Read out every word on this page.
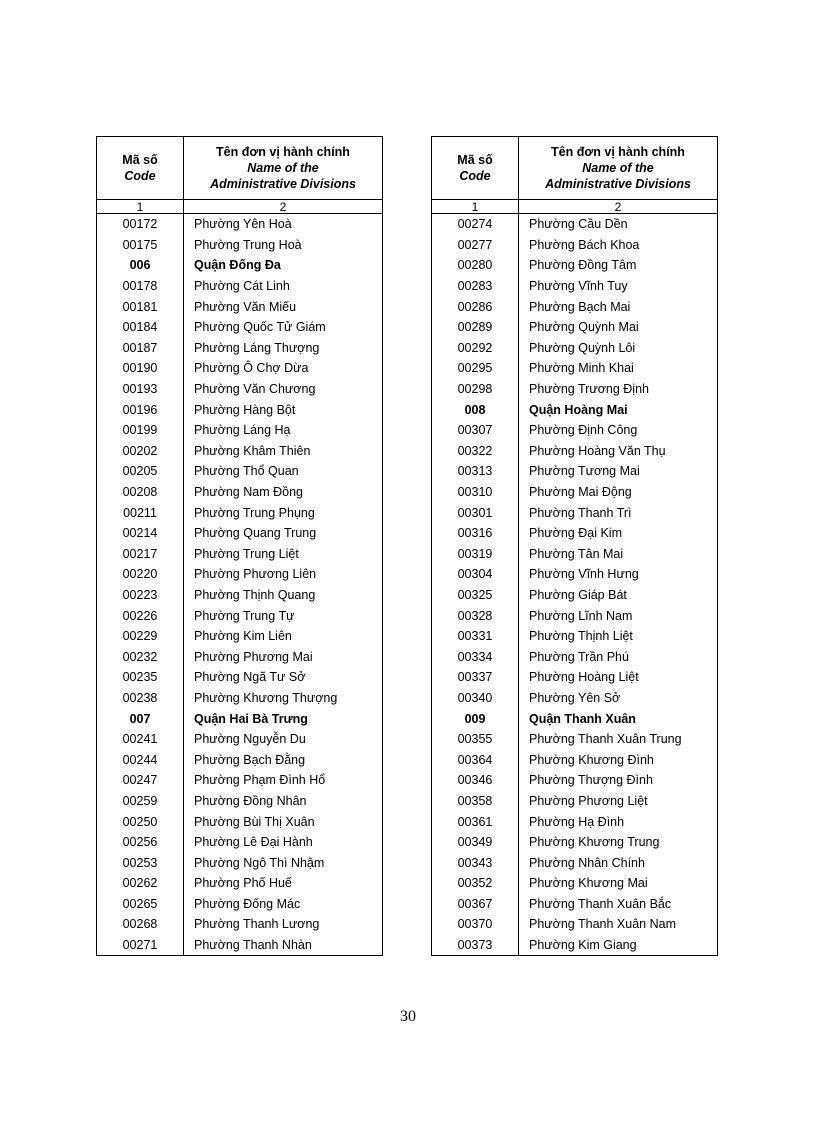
Mã số
Code	Tên đơn vị hành chính
Name of the
Administrative Divisions

1	2
00172	Phường Yên Hoà
00175	Phường Trung Hoà
006	Quận Đống Đa
00178	Phường Cát Linh
00181	Phường Văn Miếu
00184	Phường Quốc Tử Giám
00187	Phường Láng Thượng
00190	Phường Ô Chợ Dừa
00193	Phường Văn Chương
00196	Phường Hàng Bột
00199	Phường Láng Hạ
00202	Phường Khâm Thiên
00205	Phường Thổ Quan
00208	Phường Nam Đồng
00211	Phường Trung Phụng
00214	Phường Quang Trung
00217	Phường Trung Liệt
00220	Phường Phương Liên
00223	Phường Thịnh Quang
00226	Phường Trung Tự
00229	Phường Kim Liên
00232	Phường Phương Mai
00235	Phường Ngã Tư Sở
00238	Phường Khương Thượng
007	Quận Hai Bà Trưng
00241	Phường Nguyễn Du
00244	Phường Bạch Đằng
00247	Phường Phạm Đình Hổ
00259	Phường Đồng Nhân
00250	Phường Bùi Thị Xuân
00256	Phường Lê Đại Hành
00253	Phường Ngô Thì Nhậm
00262	Phường Phố Huế
00265	Phường Đống Mác
00268	Phường Thanh Lương
00271	Phường Thanh Nhàn
Mã số
Code	Tên đơn vị hành chính
Name of the
Administrative Divisions

1	2
00274	Phường Cầu Dền
00277	Phường Bách Khoa
00280	Phường Đồng Tâm
00283	Phường Vĩnh Tuy
00286	Phường Bạch Mai
00289	Phường Quỳnh Mai
00292	Phường Quỳnh Lôi
00295	Phường Minh Khai
00298	Phường Trương Định
008	Quận Hoàng Mai
00307	Phường Định Công
00322	Phường Hoàng Văn Thụ
00313	Phường Tương Mai
00310	Phường Mai Động
00301	Phường Thanh Trì
00316	Phường Đại Kim
00319	Phường Tân Mai
00304	Phường Vĩnh Hưng
00325	Phường Giáp Bát
00328	Phường Lĩnh Nam
00331	Phường Thịnh Liệt
00334	Phường Trần Phú
00337	Phường Hoàng Liệt
00340	Phường Yên Sở
009	Quận Thanh Xuân
00355	Phường Thanh Xuân Trung
00364	Phường Khương Đình
00346	Phường Thượng Đình
00358	Phường Phương Liệt
00361	Phường Hạ Đình
00349	Phường Khương Trung
00343	Phường Nhân Chính
00352	Phường Khương Mai
00367	Phường Thanh Xuân Bắc
00370	Phường Thanh Xuân Nam
00373	Phường Kim Giang
30
